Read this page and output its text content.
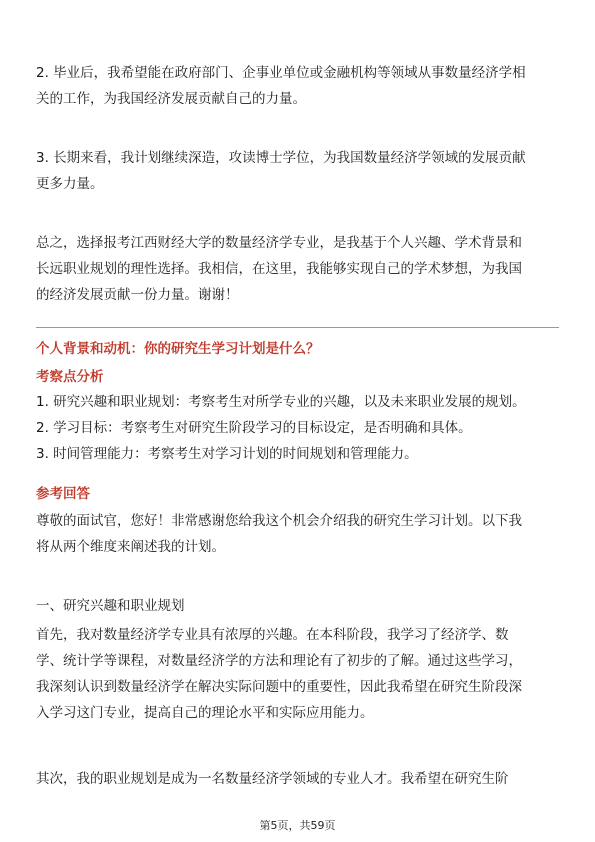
2. 毕业后，我希望能在政府部门、企事业单位或金融机构等领域从事数量经济学相
关的工作，为我国经济发展贡献自己的力量。
3. 长期来看，我计划继续深造，攻读博士学位，为我国数量经济学领域的发展贡献
更多力量。
总之，选择报考江西财经大学的数量经济学专业，是我基于个人兴趣、学术背景和
长远职业规划的理性选择。我相信，在这里，我能够实现自己的学术梦想，为我国
的经济发展贡献一份力量。谢谢！
个人背景和动机：你的研究生学习计划是什么？
考察点分析
1. 研究兴趣和职业规划：考察考生对所学专业的兴趣，以及未来职业发展的规划。
2. 学习目标：考察考生对研究生阶段学习的目标设定，是否明确和具体。
3. 时间管理能力：考察考生对学习计划的时间规划和管理能力。
参考回答
尊敬的面试官，您好！非常感谢您给我这个机会介绍我的研究生学习计划。以下我
将从两个维度来阐述我的计划。
一、研究兴趣和职业规划
首先，我对数量经济学专业具有浓厚的兴趣。在本科阶段，我学习了经济学、数
学、统计学等课程，对数量经济学的方法和理论有了初步的了解。通过这些学习，
我深刻认识到数量经济学在解决实际问题中的重要性，因此我希望在研究生阶段深
入学习这门专业，提高自己的理论水平和实际应用能力。
其次，我的职业规划是成为一名数量经济学领域的专业人才。我希望在研究生阶
第5页，共59页
